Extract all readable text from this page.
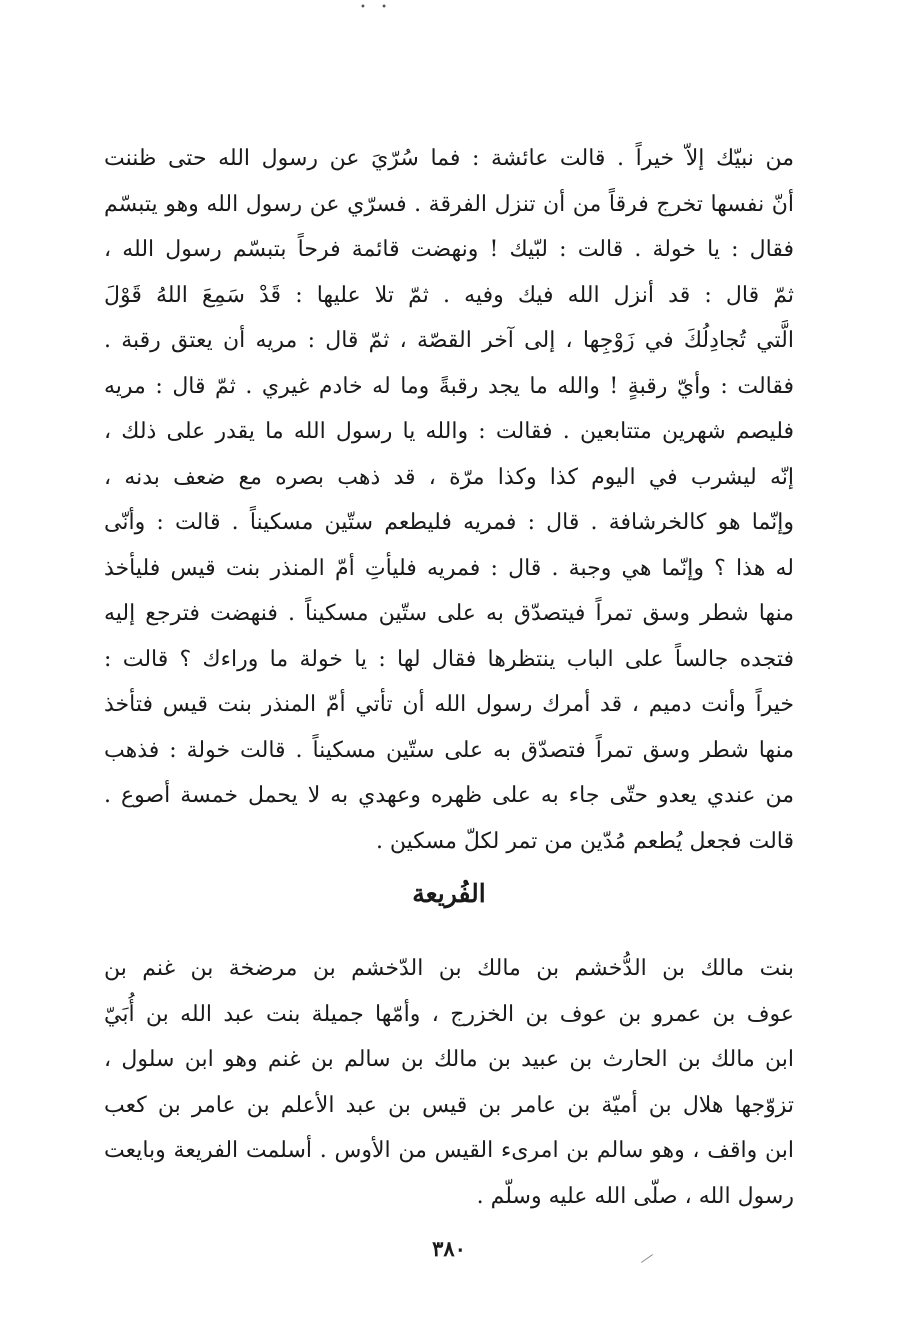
• •
من نبيّك إلاّ خيراً . قالت عائشة : فما سُرّيَ عن رسول الله حتى ظننت
أنّ نفسها تخرج فرقاً من أن تنزل الفرقة . فسرّي عن رسول الله وهو يتبسّم
فقال : يا خولة . قالت : لبّيك ! ونهضت قائمة فرحاً بتبسّم رسول الله ،
ثمّ قال : قد أنزل الله فيك وفيه . ثمّ تلا عليها : قَدْ سَمِعَ اللهُ قَوْلَ
الَّتي تُجادِلُكَ في زَوْجِها ، إلى آخر القصّة ، ثمّ قال : مريه أن يعتق رقبة .
فقالت : وأيّ رقبةٍ ! والله ما يجد رقبةً وما له خادم غيري . ثمّ قال : مريه
فليصم شهرين متتابعين . فقالت : والله يا رسول الله ما يقدر على ذلك ،
إنّه ليشرب في اليوم كذا وكذا مرّة ، قد ذهب بصره مع ضعف بدنه ،
وإنّما هو كالخرشافة . قال : فمريه فليطعم ستّين مسكيناً . قالت : وأنّى
له هذا ؟ وإنّما هي وجبة . قال : فمريه فليأتِ أمّ المنذر بنت قيس فليأخذ
منها شطر وسق تمراً فيتصدّق به على ستّين مسكيناً . فنهضت فترجع إليه
فتجده جالساً على الباب ينتظرها فقال لها : يا خولة ما وراءك ؟ قالت :
خيراً وأنت دميم ، قد أمرك رسول الله أن تأتي أمّ المنذر بنت قيس فتأخذ
منها شطر وسق تمراً فتصدّق به على ستّين مسكيناً . قالت خولة : فذهب
من عندي يعدو حتّى جاء به على ظهره وعهدي به لا يحمل خمسة أصوع .
قالت فجعل يُطعم مُدّين من تمر لكلّ مسكين .
الفُريعة
بنت مالك بن الدُّخشم بن مالك بن الدّخشم بن مرضخة بن غنم بن
عوف بن عمرو بن عوف بن الخزرج ، وأمّها جميلة بنت عبد الله بن أُبَيّ
ابن مالك بن الحارث بن عبيد بن مالك بن سالم بن غنم وهو ابن سلول ،
تزوّجها هلال بن أميّة بن عامر بن قيس بن عبد الأعلم بن عامر بن كعب
ابن واقف ، وهو سالم بن امرىء القيس من الأوس . أسلمت الفريعة وبايعت
رسول الله ، صلّى الله عليه وسلّم .
٣٨٠
